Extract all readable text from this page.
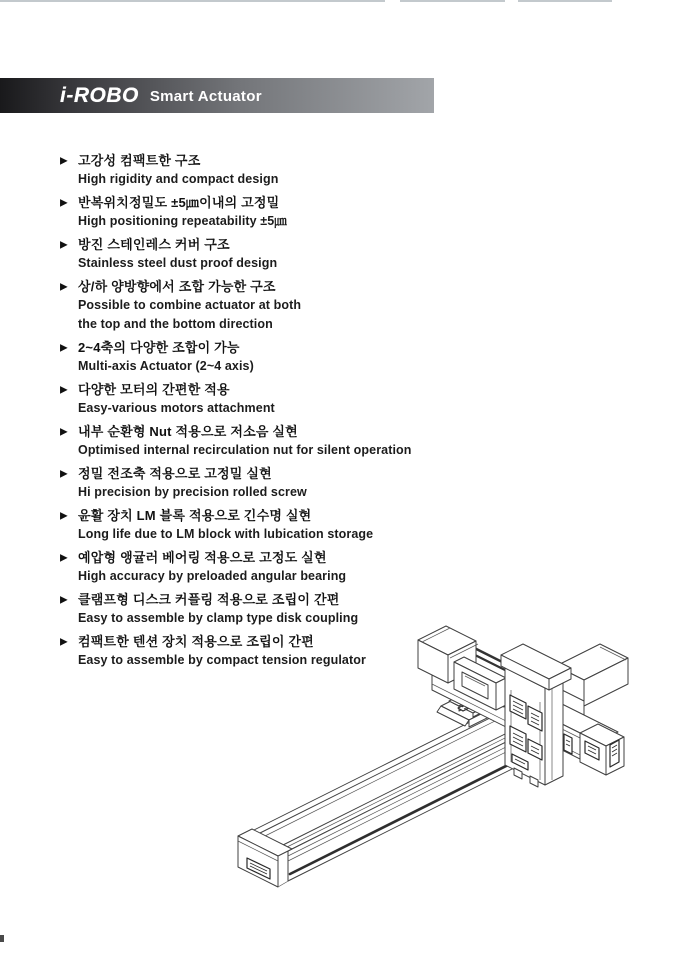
i-ROBO Smart Actuator
▶ 고강성 컴팩트한 구조
High rigidity and compact design
▶ 반복위치정밀도 ±5㎛이내의 고정밀
High positioning repeatability ±5㎛
▶ 방진 스테인레스 커버 구조
Stainless steel dust proof design
▶ 상/하 양방향에서 조합 가능한 구조
Possible to combine actuator at both
the top and the bottom direction
▶ 2~4축의 다양한 조합이 가능
Multi-axis Actuator (2~4 axis)
▶ 다양한 모터의 간편한 적용
Easy-various motors attachment
▶ 내부 순환형 Nut 적용으로 저소음 실현
Optimised internal recirculation nut for silent operation
▶ 정밀 전조축 적용으로 고정밀 실현
Hi precision by precision rolled screw
▶ 윤활 장치 LM 블록 적용으로 긴수명 실현
Long life due to LM block with lubication storage
▶ 예압형 앵귤러 베어링 적용으로 고정도 실현
High accuracy by preloaded angular bearing
▶ 클램프형 디스크 커플링 적용으로 조립이 간편
Easy to assemble by clamp type disk coupling
▶ 컴팩트한 텐션 장치 적용으로 조립이 간편
Easy to assemble by compact tension regulator
